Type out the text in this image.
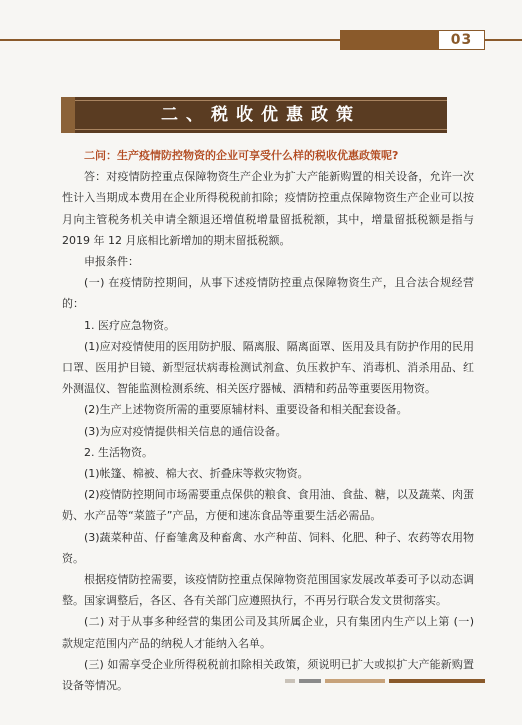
03
二、税收优惠政策

二问：生产疫情防控物资的企业可享受什么样的税收优惠政策呢?

答：对疫情防控重点保障物资生产企业为扩大产能新购置的相关设备，允许一次性计入当期成本费用在企业所得税税前扣除；疫情防控重点保障物资生产企业可以按月向主管税务机关申请全额退还增值税增量留抵税额，其中，增量留抵税额是指与 2019 年 12 月底相比新增加的期末留抵税额。

申报条件：

(一) 在疫情防控期间，从事下述疫情防控重点保障物资生产，且合法合规经营的：

1. 医疗应急物资。

(1)应对疫情使用的医用防护服、隔离服、隔离面罩、医用及具有防护作用的民用口罩、医用护目镜、新型冠状病毒检测试剂盒、负压救护车、消毒机、消杀用品、红外测温仪、智能监测检测系统、相关医疗器械、酒精和药品等重要医用物资。

(2)生产上述物资所需的重要原辅材料、重要设备和相关配套设备。

(3)为应对疫情提供相关信息的通信设备。

2. 生活物资。

(1)帐篷、棉被、棉大衣、折叠床等救灾物资。

(2)疫情防控期间市场需要重点保供的粮食、食用油、食盐、糖，以及蔬菜、肉蛋奶、水产品等“菜篮子”产品，方便和速冻食品等重要生活必需品。

(3)蔬菜种苗、仔畜雏禽及种畜禽、水产种苗、饲料、化肥、种子、农药等农用物资。

根据疫情防控需要，该疫情防控重点保障物资范围国家发展改革委可予以动态调整。国家调整后，各区、各有关部门应遵照执行，不再另行联合发文贯彻落实。

(二) 对于从事多种经营的集团公司及其所属企业，只有集团内生产以上第 (一) 款规定范围内产品的纳税人才能纳入名单。

(三) 如需享受企业所得税税前扣除相关政策，须说明已扩大或拟扩大产能新购置设备等情况。
